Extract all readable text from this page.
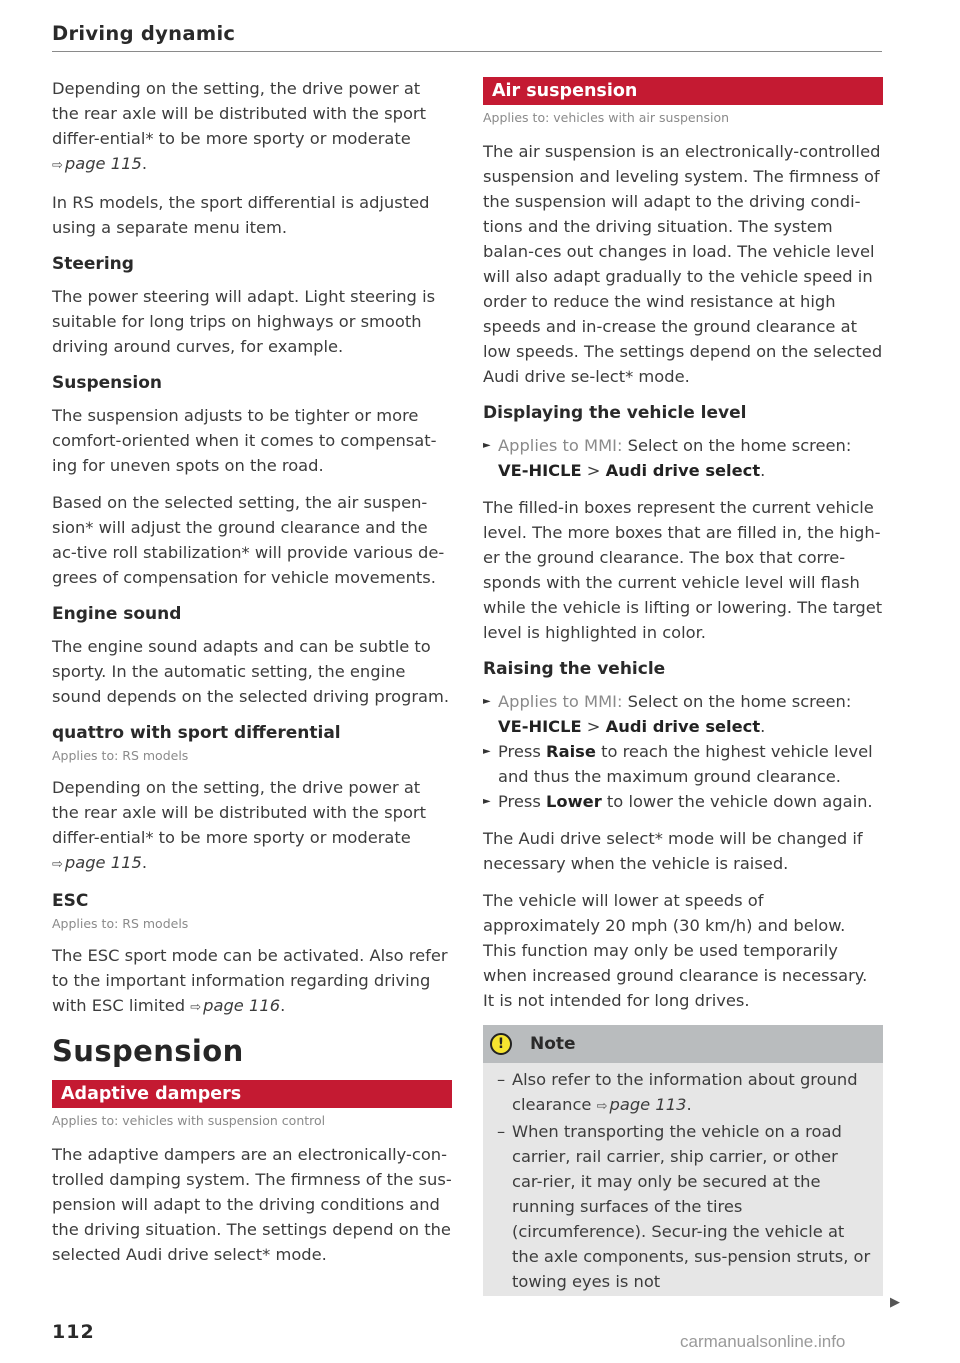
Driving dynamic

Depending on the setting, the drive power at the rear axle will be distributed with the sport differ-ential* to be more sporty or moderate
⇨ page 115.

In RS models, the sport differential is adjusted using a separate menu item.

Steering

The power steering will adapt. Light steering is suitable for long trips on highways or smooth driving around curves, for example.

Suspension

The suspension adjusts to be tighter or more comfort-oriented when it comes to compensat-ing for uneven spots on the road.

Based on the selected setting, the air suspen-sion* will adjust the ground clearance and the ac-tive roll stabilization* will provide various de-grees of compensation for vehicle movements.

Engine sound

The engine sound adapts and can be subtle to sporty. In the automatic setting, the engine sound depends on the selected driving program.

quattro with sport differential
Applies to: RS models

Depending on the setting, the drive power at the rear axle will be distributed with the sport differ-ential* to be more sporty or moderate
⇨ page 115.

ESC
Applies to: RS models

The ESC sport mode can be activated. Also refer to the important information regarding driving with ESC limited ⇨ page 116.

Suspension
Adaptive dampers
Applies to: vehicles with suspension control

The adaptive dampers are an electronically-con-trolled damping system. The firmness of the sus-pension will adapt to the driving conditions and the driving situation. The settings depend on the selected Audi drive select* mode.

Air suspension
Applies to: vehicles with air suspension

The air suspension is an electronically-controlled suspension and leveling system. The firmness of the suspension will adapt to the driving condi-tions and the driving situation. The system balan-ces out changes in load. The vehicle level will also adapt gradually to the vehicle speed in order to reduce the wind resistance at high speeds and in-crease the ground clearance at low speeds. The settings depend on the selected Audi drive se-lect* mode.

Displaying the vehicle level
► Applies to MMI: Select on the home screen: VE-HICLE > Audi drive select.

The filled-in boxes represent the current vehicle level. The more boxes that are filled in, the high-er the ground clearance. The box that corre-sponds with the current vehicle level will flash while the vehicle is lifting or lowering. The target level is highlighted in color.

Raising the vehicle
► Applies to MMI: Select on the home screen: VE-HICLE > Audi drive select.
► Press Raise to reach the highest vehicle level and thus the maximum ground clearance.
► Press Lower to lower the vehicle down again.

The Audi drive select* mode will be changed if necessary when the vehicle is raised.

The vehicle will lower at speeds of approximately 20 mph (30 km/h) and below. This function may only be used temporarily when increased ground clearance is necessary. It is not intended for long drives.

!	Note
– Also refer to the information about ground clearance ⇨ page 113.
– When transporting the vehicle on a road carrier, rail carrier, ship carrier, or other car-rier, it may only be secured at the running surfaces of the tires (circumference). Secur-ing the vehicle at the axle components, sus-pension struts, or towing eyes is not
▶
112	carmanualsonline.info
